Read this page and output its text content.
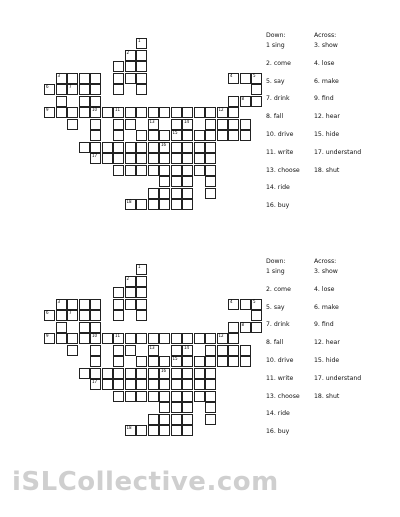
1
2
3	4	5
6	7
8
9	10	11	12
13	14
15
16
17
18
Down:
1 sing
2. come
5. say
7. drink
8. fall
10. drive
11. write
13. choose
14. ride
16. buy
Across:
3. show
4. lose
6. make
9. find
12. hear
15. hide
17. understand
18. shut
1
2
3	4	5
6	7
8
9	10	11	12
13	14
15
16
17
18
Down:
1 sing
2. come
5. say
7. drink
8. fall
10. drive
11. write
13. choose
14. ride
16. buy
Across:
3. show
4. lose
6. make
9. find
12. hear
15. hide
17. understand
18. shut
iSLCollective.com
